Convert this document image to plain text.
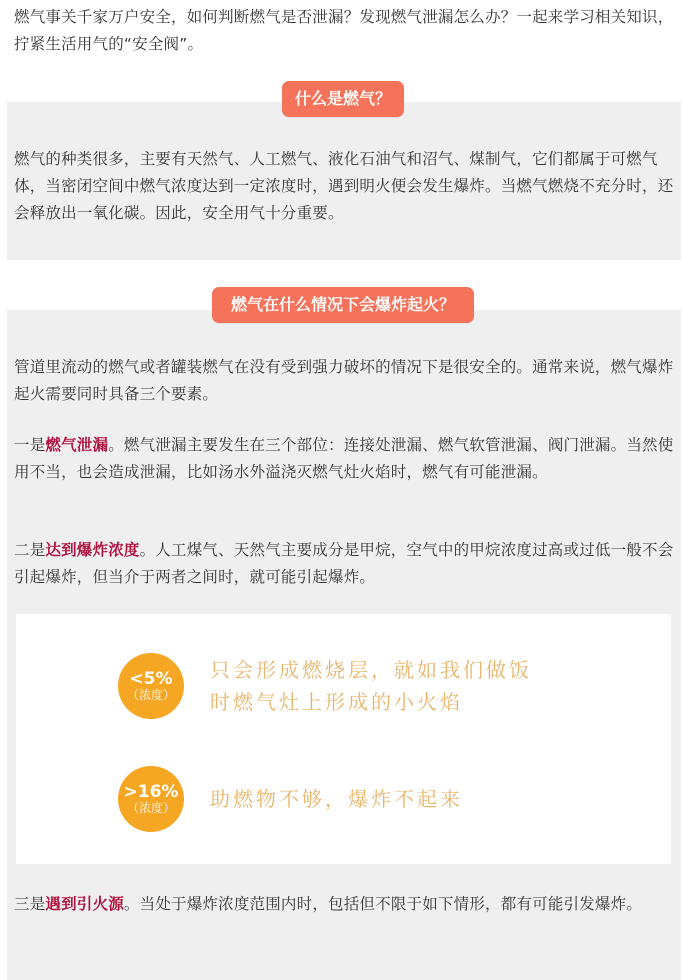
燃气事关千家万户安全，如何判断燃气是否泄漏？发现燃气泄漏怎么办？一起来学习相关知识，拧紧生活用气的“安全阀”。

什么是燃气？

燃气的种类很多，主要有天然气、人工燃气、液化石油气和沼气、煤制气，它们都属于可燃气体，当密闭空间中燃气浓度达到一定浓度时，遇到明火便会发生爆炸。当燃气燃烧不充分时，还会释放出一氧化碳。因此，安全用气十分重要。

燃气在什么情况下会爆炸起火？

管道里流动的燃气或者罐装燃气在没有受到强力破坏的情况下是很安全的。通常来说，燃气爆炸起火需要同时具备三个要素。

一是燃气泄漏。燃气泄漏主要发生在三个部位：连接处泄漏、燃气软管泄漏、阀门泄漏。当然使用不当，也会造成泄漏，比如汤水外溢浇灭燃气灶火焰时，燃气有可能泄漏。

二是达到爆炸浓度。人工煤气、天然气主要成分是甲烷，空气中的甲烷浓度过高或过低一般不会引起爆炸，但当介于两者之间时，就可能引起爆炸。

<5%
（浓度）
只会形成燃烧层，就如我们做饭
时燃气灶上形成的小火焰
>16%
（浓度） 助燃物不够，爆炸不起来

三是遇到引火源。当处于爆炸浓度范围内时，包括但不限于如下情形，都有可能引发爆炸。
